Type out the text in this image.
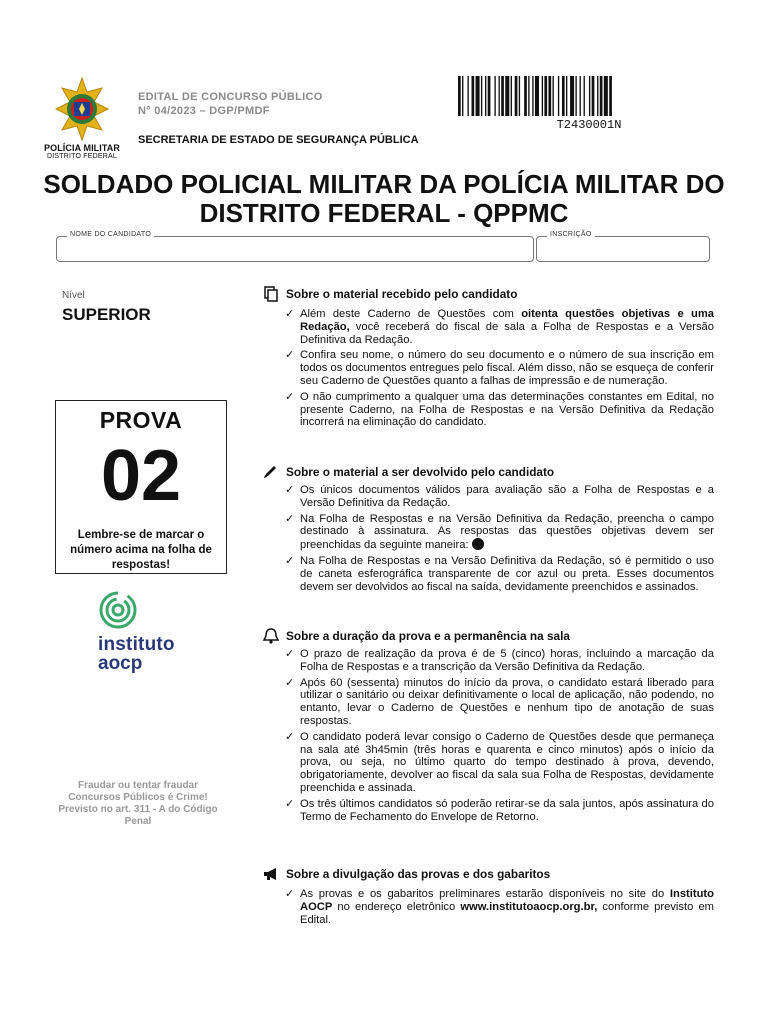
POLÍCIA MILITAR
DISTRITO FEDERAL
EDITAL DE CONCURSO PÚBLICO
N° 04/2023 – DGP/PMDF
SECRETARIA DE ESTADO DE SEGURANÇA PÚBLICA
T2430001N
SOLDADO POLICIAL MILITAR DA POLÍCIA MILITAR DO
DISTRITO FEDERAL - QPPMC
NOME DO CANDIDATO	INSCRIÇÃO
Nível
SUPERIOR
PROVA
02
Lembre-se de marcar o número acima na folha de respostas!
instituto
aocp
Fraudar ou tentar fraudar Concursos Públicos é Crime! Previsto no art. 311 - A do Código Penal
Sobre o material recebido pelo candidato
✓ Além deste Caderno de Questões com oitenta questões objetivas e uma Redação, você receberá do fiscal de sala a Folha de Respostas e a Versão Definitiva da Redação.
✓ Confira seu nome, o número do seu documento e o número de sua inscrição em todos os documentos entregues pelo fiscal. Além disso, não se esqueça de conferir seu Caderno de Questões quanto a falhas de impressão e de numeração.
✓ O não cumprimento a qualquer uma das determinações constantes em Edital, no presente Caderno, na Folha de Respostas e na Versão Definitiva da Redação incorrerá na eliminação do candidato.
Sobre o material a ser devolvido pelo candidato
✓ Os únicos documentos válidos para avaliação são a Folha de Respostas e a Versão Definitiva da Redação.
✓ Na Folha de Respostas e na Versão Definitiva da Redação, preencha o campo destinado à assinatura. As respostas das questões objetivas devem ser preenchidas da seguinte maneira:
✓ Na Folha de Respostas e na Versão Definitiva da Redação, só é permitido o uso de caneta esferográfica transparente de cor azul ou preta. Esses documentos devem ser devolvidos ao fiscal na saída, devidamente preenchidos e assinados.
Sobre a duração da prova e a permanência na sala
✓ O prazo de realização da prova é de 5 (cinco) horas, incluindo a marcação da Folha de Respostas e a transcrição da Versão Definitiva da Redação.
✓ Após 60 (sessenta) minutos do início da prova, o candidato estará liberado para utilizar o sanitário ou deixar definitivamente o local de aplicação, não podendo, no entanto, levar o Caderno de Questões e nenhum tipo de anotação de suas respostas.
✓ O candidato poderá levar consigo o Caderno de Questões desde que permaneça na sala até 3h45min (três horas e quarenta e cinco minutos) após o início da prova, ou seja, no último quarto do tempo destinado à prova, devendo, obrigatoriamente, devolver ao fiscal da sala sua Folha de Respostas, devidamente preenchida e assinada.
✓ Os três últimos candidatos só poderão retirar-se da sala juntos, após assinatura do Termo de Fechamento do Envelope de Retorno.
Sobre a divulgação das provas e dos gabaritos
✓ As provas e os gabaritos preliminares estarão disponíveis no site do Instituto AOCP no endereço eletrônico www.institutoaocp.org.br, conforme previsto em Edital.
